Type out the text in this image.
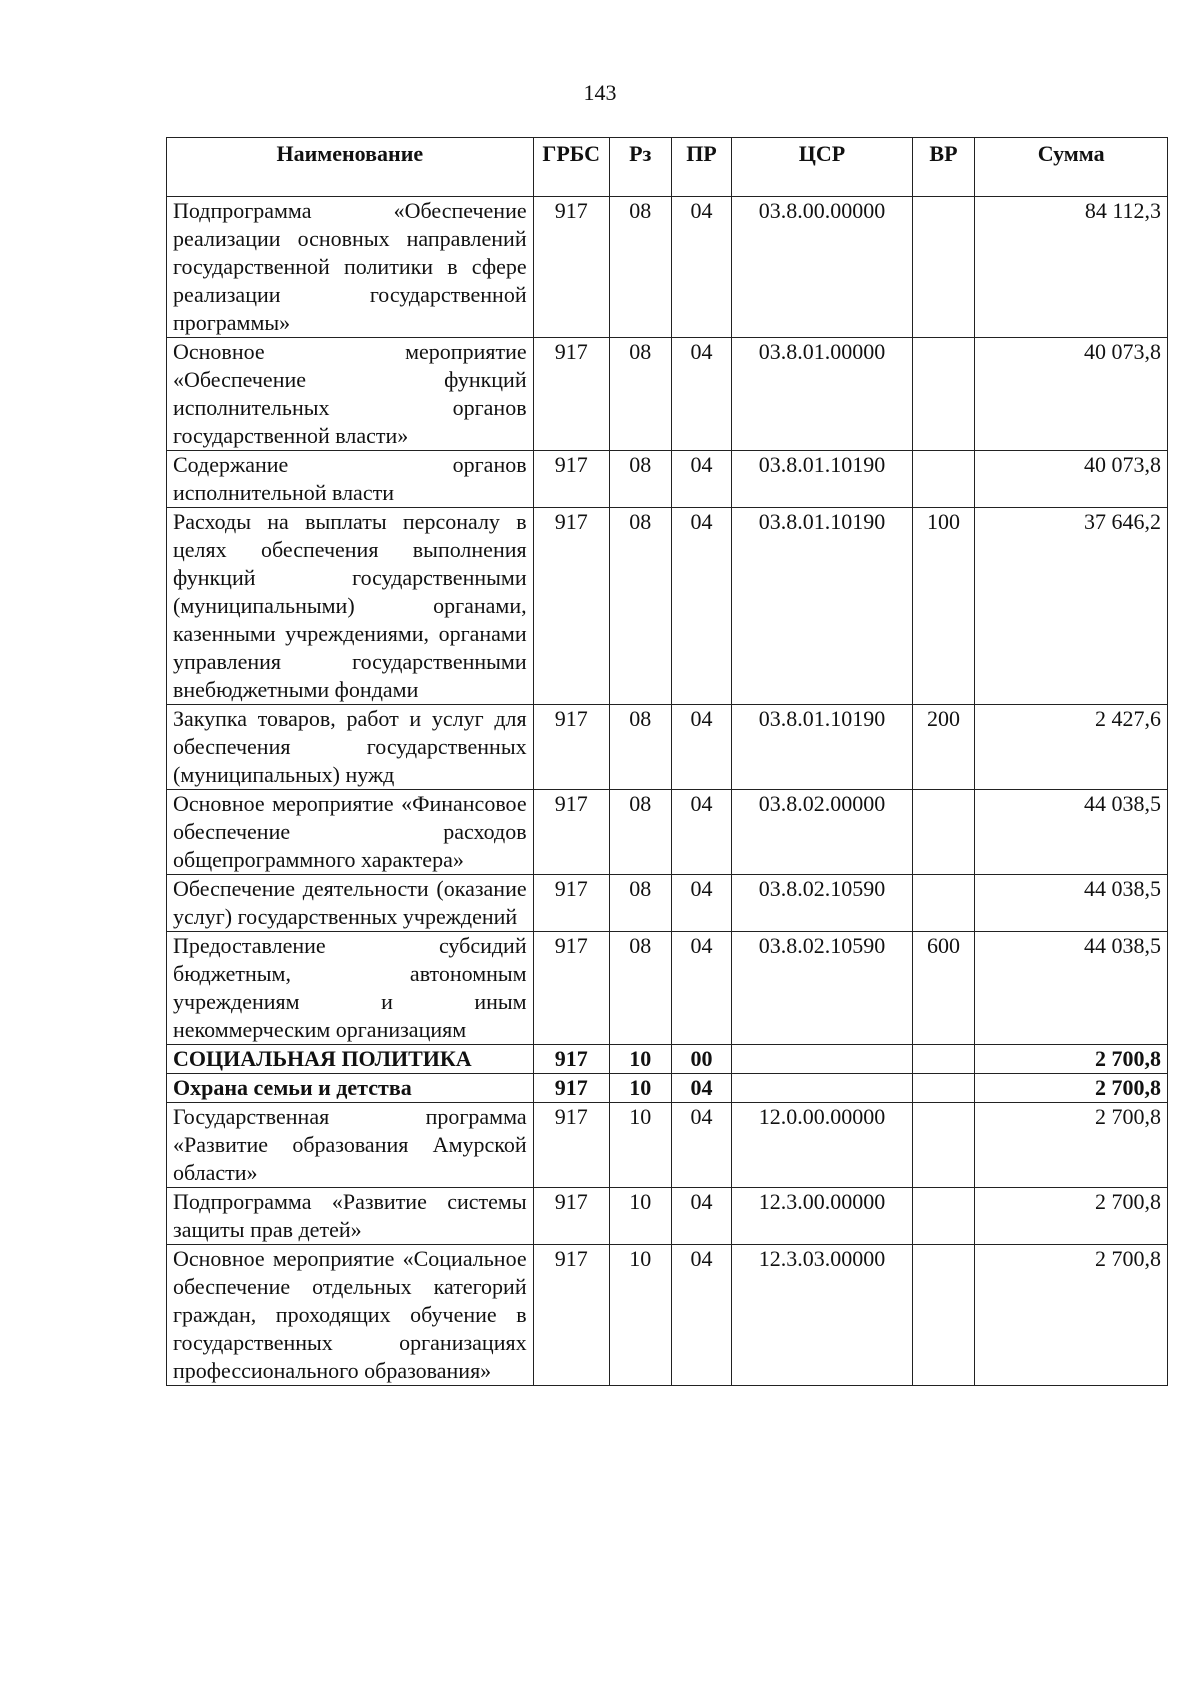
143
Наименование	ГРБС	Рз	ПР	ЦСР	ВР	Сумма
Подпрограмма «Обеспечение реализации основных направлений государственной политики в сфере реализации государственной программы»	917	08	04	03.8.00.00000		84 112,3
Основное мероприятие «Обеспечение функций исполнительных органов государственной власти»	917	08	04	03.8.01.00000		40 073,8
Содержание органов исполнительной власти	917	08	04	03.8.01.10190		40 073,8
Расходы на выплаты персоналу в целях обеспечения выполнения функций государственными (муниципальными) органами, казенными учреждениями, органами управления государственными внебюджетными фондами	917	08	04	03.8.01.10190	100	37 646,2
Закупка товаров, работ и услуг для обеспечения государственных (муниципальных) нужд	917	08	04	03.8.01.10190	200	2 427,6
Основное мероприятие «Финансовое обеспечение расходов общепрограммного характера»	917	08	04	03.8.02.00000		44 038,5
Обеспечение деятельности (оказание услуг) государственных учреждений	917	08	04	03.8.02.10590		44 038,5
Предоставление субсидий бюджетным, автономным учреждениям и иным некоммерческим организациям	917	08	04	03.8.02.10590	600	44 038,5
СОЦИАЛЬНАЯ ПОЛИТИКА	917	10	00			2 700,8
Охрана семьи и детства	917	10	04			2 700,8
Государственная программа «Развитие образования Амурской области»	917	10	04	12.0.00.00000		2 700,8
Подпрограмма «Развитие системы защиты прав детей»	917	10	04	12.3.00.00000		2 700,8
Основное мероприятие «Социальное обеспечение отдельных категорий граждан, проходящих обучение в государственных организациях профессионального образования»	917	10	04	12.3.03.00000		2 700,8
